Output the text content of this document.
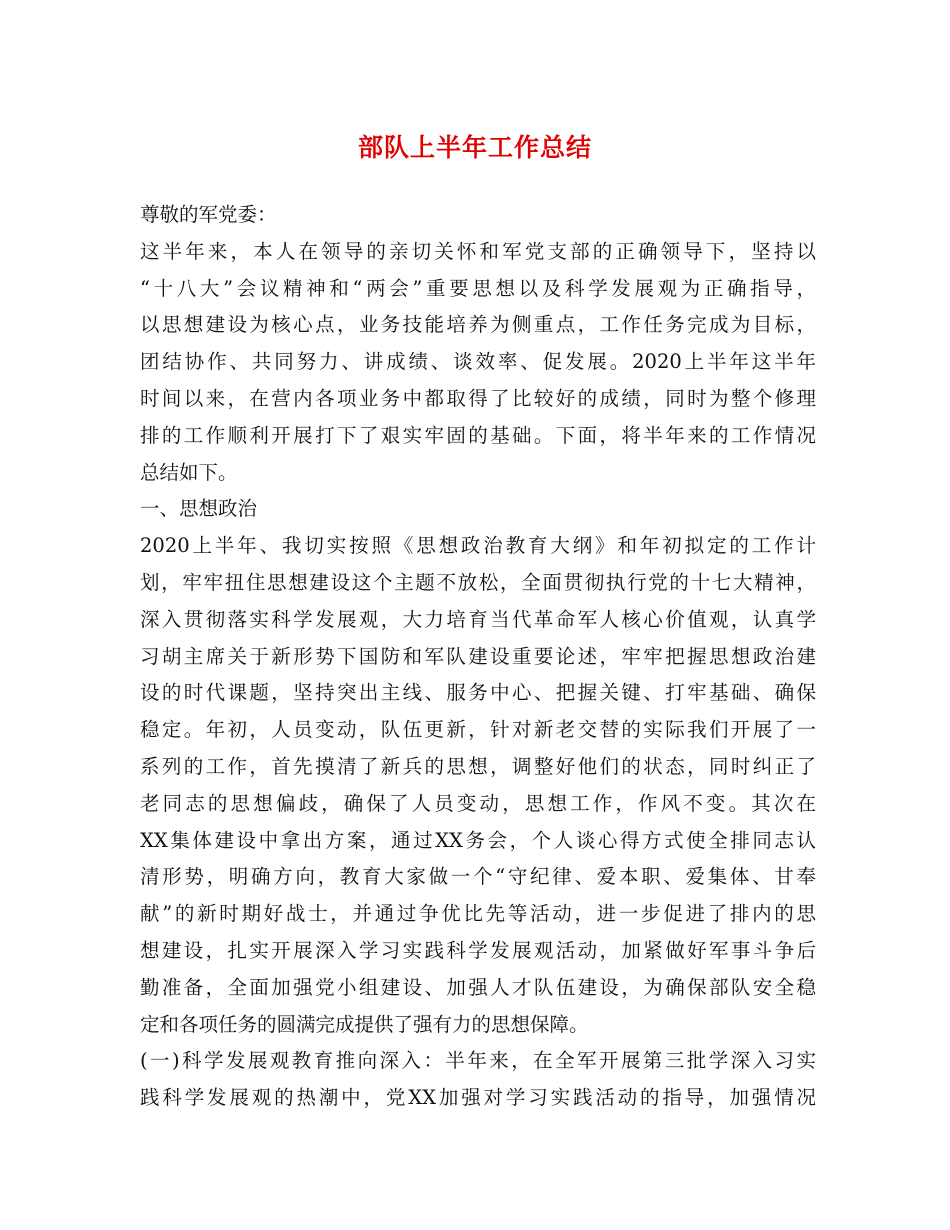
部队上半年工作总结
尊敬的军党委：
这半年来，本人在领导的亲切关怀和军党支部的正确领导下，坚持以
“十八大”会议精神和“两会”重要思想以及科学发展观为正确指导，
以思想建设为核心点，业务技能培养为侧重点，工作任务完成为目标，
团结协作、共同努力、讲成绩、谈效率、促发展。2020上半年这半年
时间以来，在营内各项业务中都取得了比较好的成绩，同时为整个修理
排的工作顺利开展打下了艰实牢固的基础。下面，将半年来的工作情况
总结如下。
一、思想政治
2020上半年、我切实按照《思想政治教育大纲》和年初拟定的工作计
划，牢牢扭住思想建设这个主题不放松，全面贯彻执行党的十七大精神，
深入贯彻落实科学发展观，大力培育当代革命军人核心价值观，认真学
习胡主席关于新形势下国防和军队建设重要论述，牢牢把握思想政治建
设的时代课题，坚持突出主线、服务中心、把握关键、打牢基础、确保
稳定。年初，人员变动，队伍更新，针对新老交替的实际我们开展了一
系列的工作，首先摸清了新兵的思想，调整好他们的状态，同时纠正了
老同志的思想偏歧，确保了人员变动，思想工作，作风不变。其次在
XX集体建设中拿出方案，通过XX务会，个人谈心得方式使全排同志认
清形势，明确方向，教育大家做一个“守纪律、爱本职、爱集体、甘奉
献”的新时期好战士，并通过争优比先等活动，进一步促进了排内的思
想建设，扎实开展深入学习实践科学发展观活动，加紧做好军事斗争后
勤准备，全面加强党小组建设、加强人才队伍建设，为确保部队安全稳
定和各项任务的圆满完成提供了强有力的思想保障。
(一)科学发展观教育推向深入：半年来，在全军开展第三批学深入习实
践科学发展观的热潮中，党XX加强对学习实践活动的指导，加强情况
